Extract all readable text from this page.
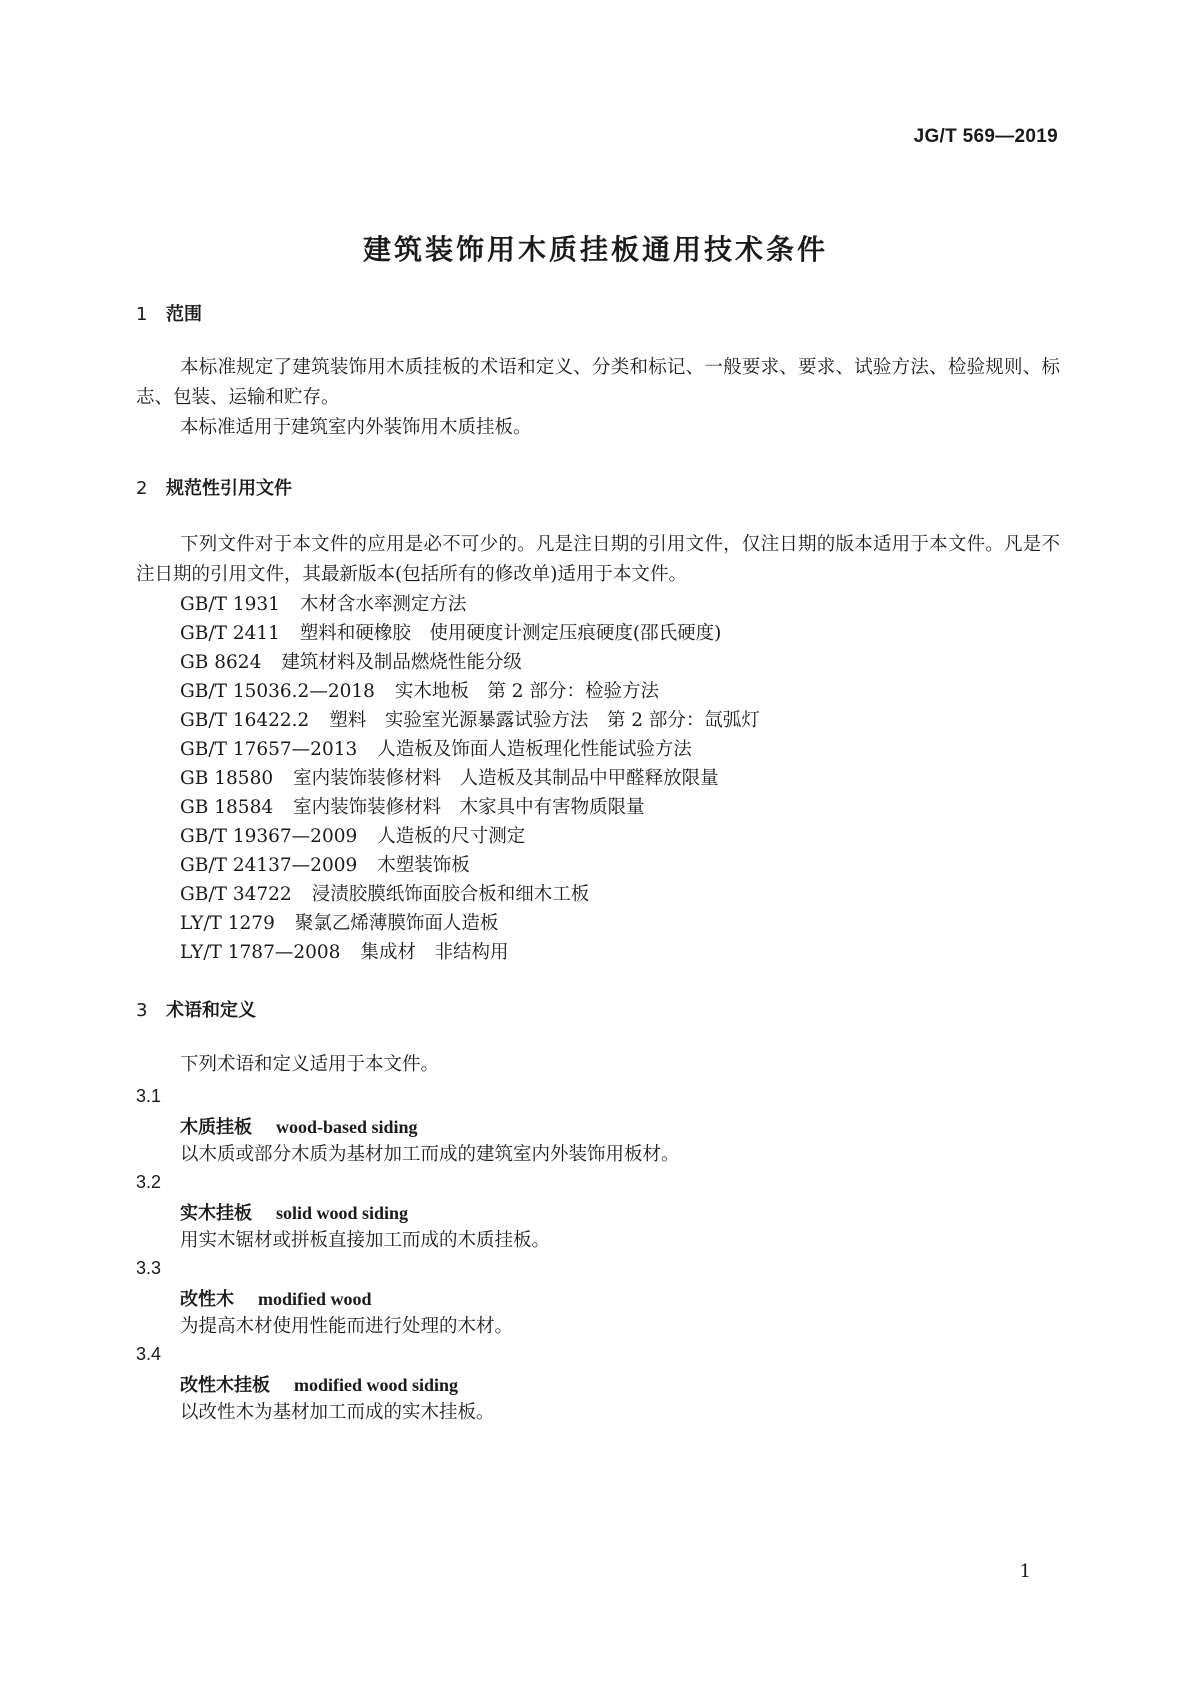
JG/T 569—2019
建筑装饰用木质挂板通用技术条件
1 范围
本标准规定了建筑装饰用木质挂板的术语和定义、分类和标记、一般要求、要求、试验方法、检验规则、标志、包装、运输和贮存。
本标准适用于建筑室内外装饰用木质挂板。
2 规范性引用文件
下列文件对于本文件的应用是必不可少的。凡是注日期的引用文件，仅注日期的版本适用于本文件。凡是不注日期的引用文件，其最新版本(包括所有的修改单)适用于本文件。
GB/T 1931 木材含水率测定方法
GB/T 2411 塑料和硬橡胶　使用硬度计测定压痕硬度(邵氏硬度)
GB 8624 建筑材料及制品燃烧性能分级
GB/T 15036.2—2018 实木地板　第 2 部分：检验方法
GB/T 16422.2 塑料　实验室光源暴露试验方法　第 2 部分：氙弧灯
GB/T 17657—2013 人造板及饰面人造板理化性能试验方法
GB 18580 室内装饰装修材料　人造板及其制品中甲醛释放限量
GB 18584 室内装饰装修材料　木家具中有害物质限量
GB/T 19367—2009 人造板的尺寸测定
GB/T 24137—2009 木塑装饰板
GB/T 34722 浸渍胶膜纸饰面胶合板和细木工板
LY/T 1279 聚氯乙烯薄膜饰面人造板
LY/T 1787—2008 集成材　非结构用
3 术语和定义
下列术语和定义适用于本文件。
3.1
木质挂板 wood-based siding
以木质或部分木质为基材加工而成的建筑室内外装饰用板材。
3.2
实木挂板 solid wood siding
用实木锯材或拼板直接加工而成的木质挂板。
3.3
改性木 modified wood
为提高木材使用性能而进行处理的木材。
3.4
改性木挂板 modified wood siding
以改性木为基材加工而成的实木挂板。
1
